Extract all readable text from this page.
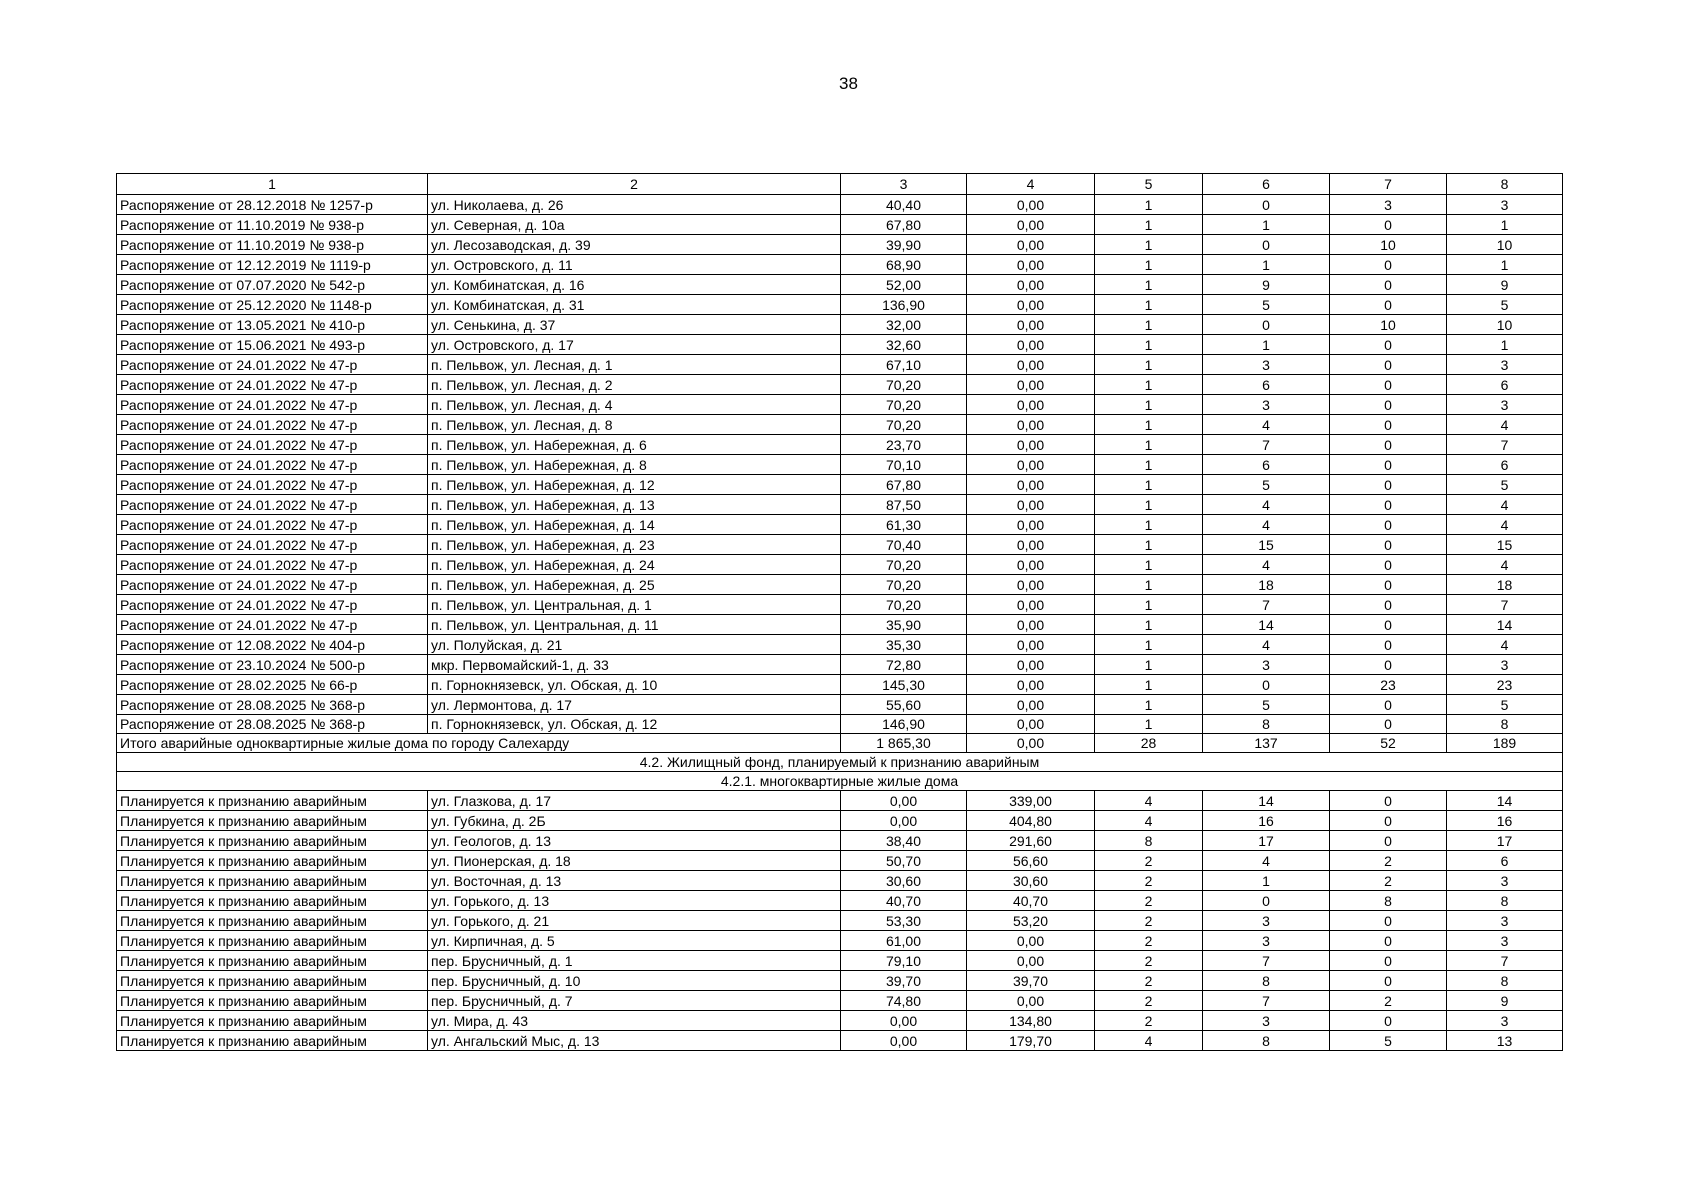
38
1	2	3	4	5	6	7	8
Распоряжение от 28.12.2018 № 1257-р	ул. Николаева, д. 26	40,40	0,00	1	0	3	3
Распоряжение от 11.10.2019 № 938-р	ул. Северная, д. 10а	67,80	0,00	1	1	0	1
Распоряжение от 11.10.2019 № 938-р	ул. Лесозаводская, д. 39	39,90	0,00	1	0	10	10
Распоряжение от 12.12.2019 № 1119-р	ул. Островского, д. 11	68,90	0,00	1	1	0	1
Распоряжение от 07.07.2020 № 542-р	ул. Комбинатская, д. 16	52,00	0,00	1	9	0	9
Распоряжение от 25.12.2020 № 1148-р	ул. Комбинатская, д. 31	136,90	0,00	1	5	0	5
Распоряжение от 13.05.2021 № 410-р	ул. Сенькина, д. 37	32,00	0,00	1	0	10	10
Распоряжение от 15.06.2021 № 493-р	ул. Островского, д. 17	32,60	0,00	1	1	0	1
Распоряжение от 24.01.2022 № 47-р	п. Пельвож, ул. Лесная, д. 1	67,10	0,00	1	3	0	3
Распоряжение от 24.01.2022 № 47-р	п. Пельвож, ул. Лесная, д. 2	70,20	0,00	1	6	0	6
Распоряжение от 24.01.2022 № 47-р	п. Пельвож, ул. Лесная, д. 4	70,20	0,00	1	3	0	3
Распоряжение от 24.01.2022 № 47-р	п. Пельвож, ул. Лесная, д. 8	70,20	0,00	1	4	0	4
Распоряжение от 24.01.2022 № 47-р	п. Пельвож, ул. Набережная, д. 6	23,70	0,00	1	7	0	7
Распоряжение от 24.01.2022 № 47-р	п. Пельвож, ул. Набережная, д. 8	70,10	0,00	1	6	0	6
Распоряжение от 24.01.2022 № 47-р	п. Пельвож, ул. Набережная, д. 12	67,80	0,00	1	5	0	5
Распоряжение от 24.01.2022 № 47-р	п. Пельвож, ул. Набережная, д. 13	87,50	0,00	1	4	0	4
Распоряжение от 24.01.2022 № 47-р	п. Пельвож, ул. Набережная, д. 14	61,30	0,00	1	4	0	4
Распоряжение от 24.01.2022 № 47-р	п. Пельвож, ул. Набережная, д. 23	70,40	0,00	1	15	0	15
Распоряжение от 24.01.2022 № 47-р	п. Пельвож, ул. Набережная, д. 24	70,20	0,00	1	4	0	4
Распоряжение от 24.01.2022 № 47-р	п. Пельвож, ул. Набережная, д. 25	70,20	0,00	1	18	0	18
Распоряжение от 24.01.2022 № 47-р	п. Пельвож, ул. Центральная, д. 1	70,20	0,00	1	7	0	7
Распоряжение от 24.01.2022 № 47-р	п. Пельвож, ул. Центральная, д. 11	35,90	0,00	1	14	0	14
Распоряжение от 12.08.2022 № 404-р	ул. Полуйская, д. 21	35,30	0,00	1	4	0	4
Распоряжение от 23.10.2024 № 500-р	мкр. Первомайский-1, д. 33	72,80	0,00	1	3	0	3
Распоряжение от 28.02.2025 № 66-р	п. Горнокнязевск, ул. Обская, д. 10	145,30	0,00	1	0	23	23
Распоряжение от 28.08.2025 № 368-р	ул. Лермонтова, д. 17	55,60	0,00	1	5	0	5
Распоряжение от 28.08.2025 № 368-р	п. Горнокнязевск, ул. Обская, д. 12	146,90	0,00	1	8	0	8
Итого аварийные одноквартирные жилые дома по городу Салехарду		1 865,30	0,00	28	137	52	189
4.2. Жилищный фонд, планируемый к признанию аварийным							
4.2.1. многоквартирные жилые дома							
Планируется к признанию аварийным	ул. Глазкова, д. 17	0,00	339,00	4	14	0	14
Планируется к признанию аварийным	ул. Губкина, д. 2Б	0,00	404,80	4	16	0	16
Планируется к признанию аварийным	ул. Геологов, д. 13	38,40	291,60	8	17	0	17
Планируется к признанию аварийным	ул. Пионерская, д. 18	50,70	56,60	2	4	2	6
Планируется к признанию аварийным	ул. Восточная, д. 13	30,60	30,60	2	1	2	3
Планируется к признанию аварийным	ул. Горького, д. 13	40,70	40,70	2	0	8	8
Планируется к признанию аварийным	ул. Горького, д. 21	53,30	53,20	2	3	0	3
Планируется к признанию аварийным	ул. Кирпичная, д. 5	61,00	0,00	2	3	0	3
Планируется к признанию аварийным	пер. Брусничный, д. 1	79,10	0,00	2	7	0	7
Планируется к признанию аварийным	пер. Брусничный, д. 10	39,70	39,70	2	8	0	8
Планируется к признанию аварийным	пер. Брусничный, д. 7	74,80	0,00	2	7	2	9
Планируется к признанию аварийным	ул. Мира, д. 43	0,00	134,80	2	3	0	3
Планируется к признанию аварийным	ул. Ангальский Мыс, д. 13	0,00	179,70	4	8	5	13
